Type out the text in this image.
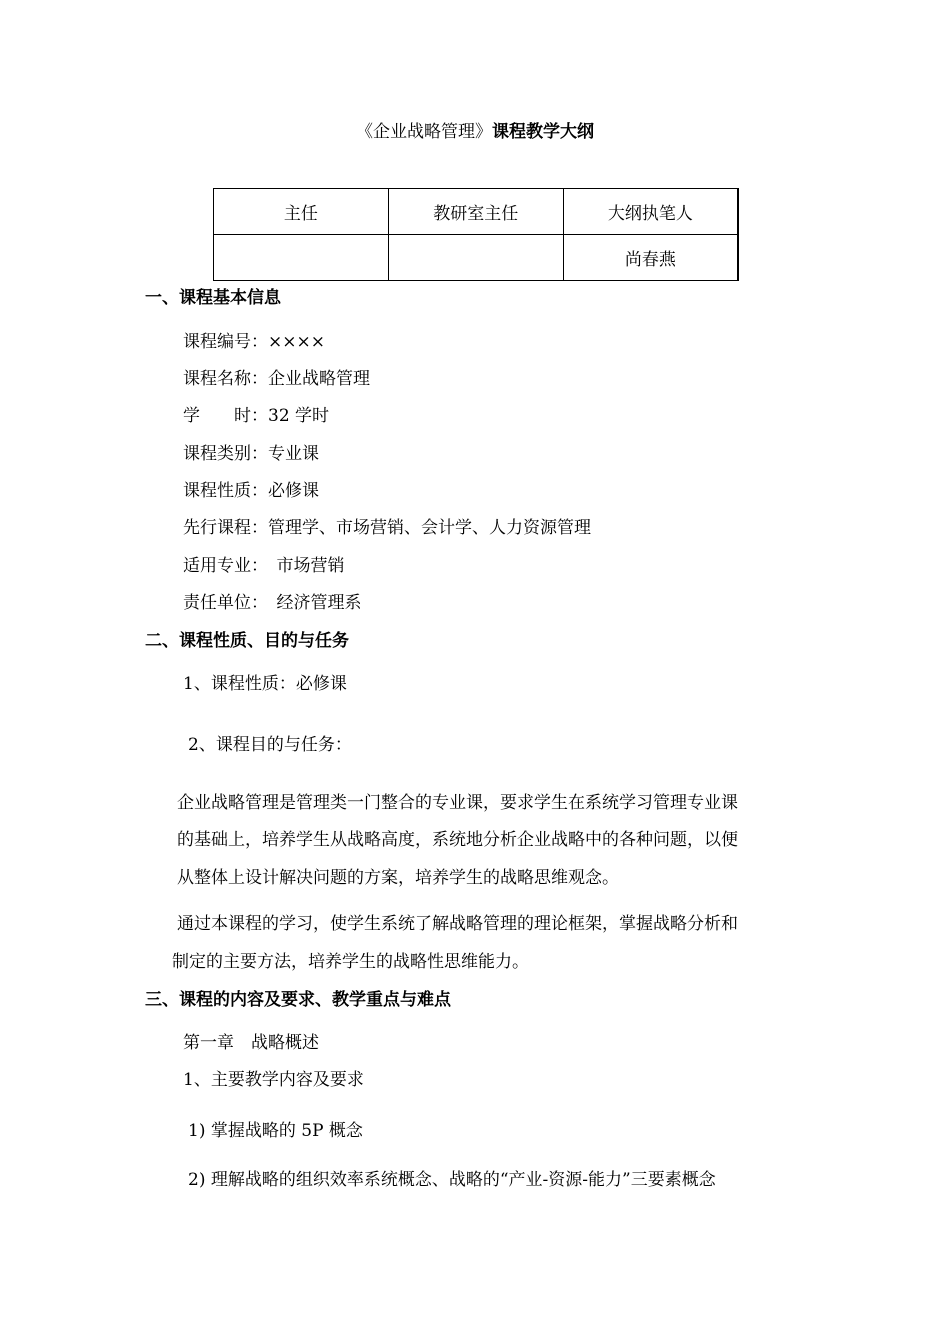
《企业战略管理》课程教学大纲
主任	教研室主任	大纲执笔人
		尚春燕
一、课程基本信息
课程编号：××××
课程名称：企业战略管理
学　　时：32 学时
课程类别：专业课
课程性质：必修课
先行课程：管理学、市场营销、会计学、人力资源管理
适用专业：　市场营销
责任单位：　经济管理系
二、课程性质、目的与任务
1、课程性质：必修课
2、课程目的与任务：
企业战略管理是管理类一门整合的专业课，要求学生在系统学习管理专业课
的基础上，培养学生从战略高度，系统地分析企业战略中的各种问题，以便
从整体上设计解决问题的方案，培养学生的战略思维观念。
通过本课程的学习，使学生系统了解战略管理的理论框架，掌握战略分析和
制定的主要方法，培养学生的战略性思维能力。
三、课程的内容及要求、教学重点与难点
第一章　战略概述
1、主要教学内容及要求
1) 掌握战略的 5P 概念
2) 理解战略的组织效率系统概念、战略的“产业-资源-能力”三要素概念
